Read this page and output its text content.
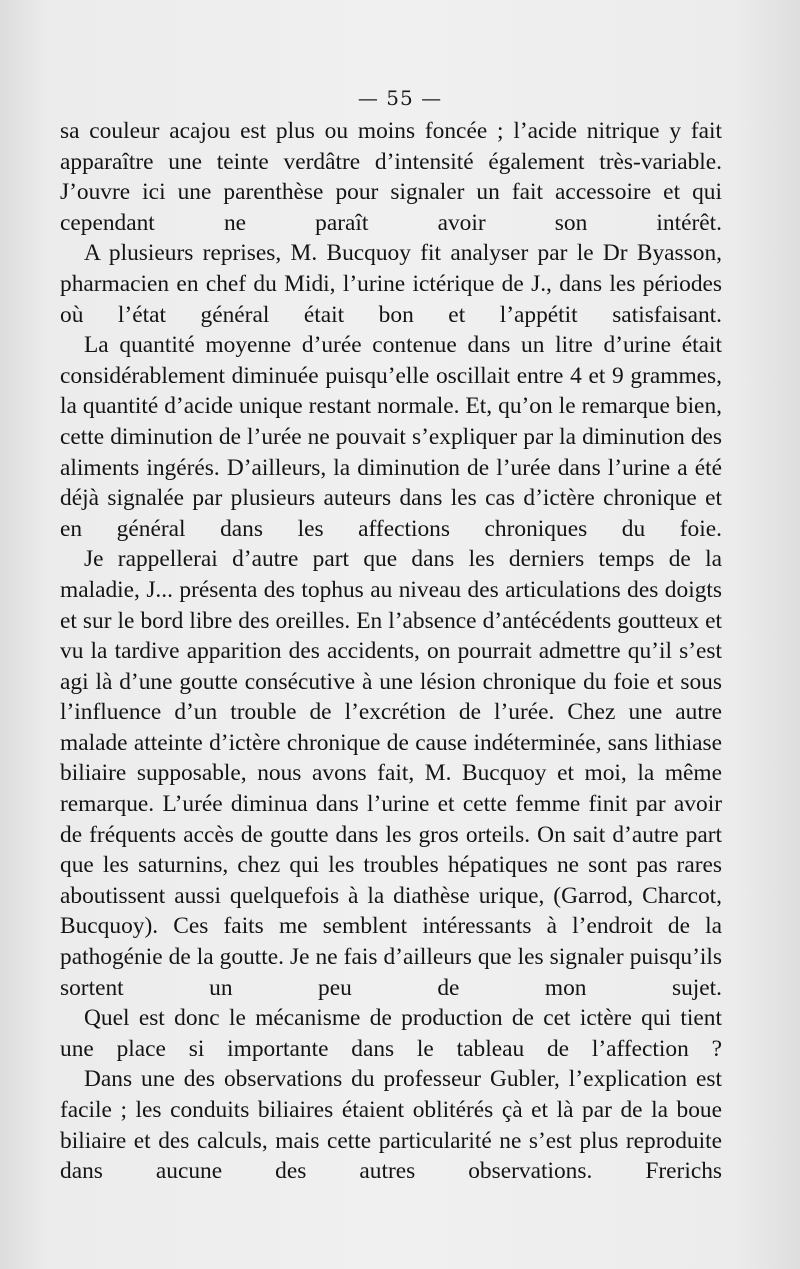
— 55 —

sa couleur acajou est plus ou moins foncée ; l’acide nitrique y fait apparaître une teinte verdâtre d’intensité également très-variable. J’ouvre ici une parenthèse pour signaler un fait accessoire et qui cependant ne paraît avoir son intérêt.

A plusieurs reprises, M. Bucquoy fit analyser par le Dr Byasson, pharmacien en chef du Midi, l’urine ictérique de J., dans les périodes où l’état général était bon et l’appétit satisfaisant.

La quantité moyenne d’urée contenue dans un litre d’urine était considérablement diminuée puisqu’elle oscillait entre 4 et 9 grammes, la quantité d’acide unique restant normale. Et, qu’on le remarque bien, cette diminution de l’urée ne pouvait s’expliquer par la diminution des aliments ingérés. D’ailleurs, la diminution de l’urée dans l’urine a été déjà signalée par plusieurs auteurs dans les cas d’ictère chronique et en général dans les affections chroniques du foie.

Je rappellerai d’autre part que dans les derniers temps de la maladie, J... présenta des tophus au niveau des articulations des doigts et sur le bord libre des oreilles. En l’absence d’antécédents goutteux et vu la tardive apparition des accidents, on pourrait admettre qu’il s’est agi là d’une goutte consécutive à une lésion chronique du foie et sous l’influence d’un trouble de l’excrétion de l’urée. Chez une autre malade atteinte d’ictère chronique de cause indéterminée, sans lithiase biliaire supposable, nous avons fait, M. Bucquoy et moi, la même remarque. L’urée diminua dans l’urine et cette femme finit par avoir de fréquents accès de goutte dans les gros orteils. On sait d’autre part que les saturnins, chez qui les troubles hépatiques ne sont pas rares aboutissent aussi quelquefois à la diathèse urique, (Garrod, Charcot, Bucquoy). Ces faits me semblent intéressants à l’endroit de la pathogénie de la goutte. Je ne fais d’ailleurs que les signaler puisqu’ils sortent un peu de mon sujet.

Quel est donc le mécanisme de production de cet ictère qui tient une place si importante dans le tableau de l’affection ?

Dans une des observations du professeur Gubler, l’explication est facile ; les conduits biliaires étaient oblitérés çà et là par de la boue biliaire et des calculs, mais cette particularité ne s’est plus reproduite dans aucune des autres observations. Frerichs
